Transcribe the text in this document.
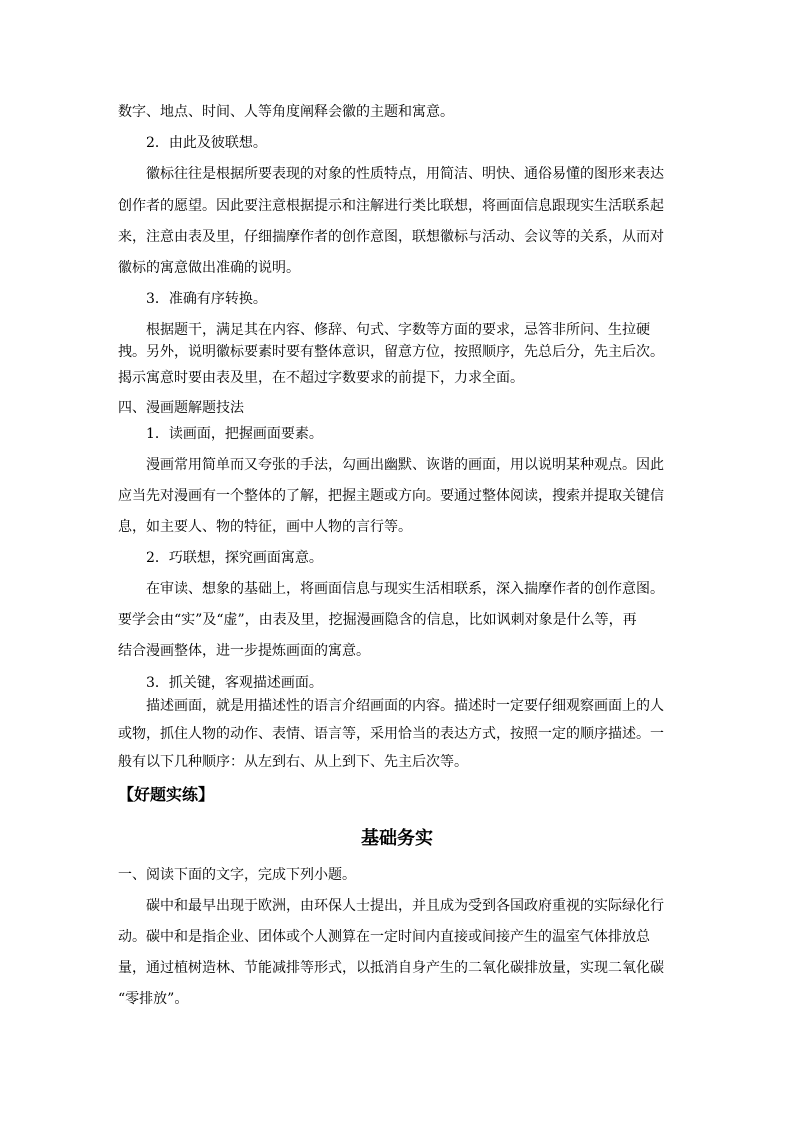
数字、地点、时间、人等角度阐释会徽的主题和寓意。

2．由此及彼联想。

徽标往往是根据所要表现的对象的性质特点，用简洁、明快、通俗易懂的图形来表达

创作者的愿望。因此要注意根据提示和注解进行类比联想，将画面信息跟现实生活联系起

来，注意由表及里，仔细揣摩作者的创作意图，联想徽标与活动、会议等的关系，从而对

徽标的寓意做出准确的说明。

3．准确有序转换。

根据题干，满足其在内容、修辞、句式、字数等方面的要求，忌答非所问、生拉硬

拽。另外，说明徽标要素时要有整体意识，留意方位，按照顺序，先总后分，先主后次。

揭示寓意时要由表及里，在不超过字数要求的前提下，力求全面。

四、漫画题解题技法

1．读画面，把握画面要素。

漫画常用简单而又夸张的手法，勾画出幽默、诙谐的画面，用以说明某种观点。因此

应当先对漫画有一个整体的了解，把握主题或方向。要通过整体阅读，搜索并提取关键信

息，如主要人、物的特征，画中人物的言行等。

2．巧联想，探究画面寓意。

在审读、想象的基础上，将画面信息与现实生活相联系，深入揣摩作者的创作意图。

要学会由“实”及“虚”，由表及里，挖掘漫画隐含的信息，比如讽刺对象是什么等，再

结合漫画整体，进一步提炼画面的寓意。

3．抓关键，客观描述画面。

描述画面，就是用描述性的语言介绍画面的内容。描述时一定要仔细观察画面上的人

或物，抓住人物的动作、表情、语言等，采用恰当的表达方式，按照一定的顺序描述。一

般有以下几种顺序：从左到右、从上到下、先主后次等。

【好题实练】

基础务实

一、阅读下面的文字，完成下列小题。

碳中和最早出现于欧洲，由环保人士提出，并且成为受到各国政府重视的实际绿化行

动。碳中和是指企业、团体或个人测算在一定时间内直接或间接产生的温室气体排放总

量，通过植树造林、节能减排等形式，以抵消自身产生的二氧化碳排放量，实现二氧化碳

“零排放”。
